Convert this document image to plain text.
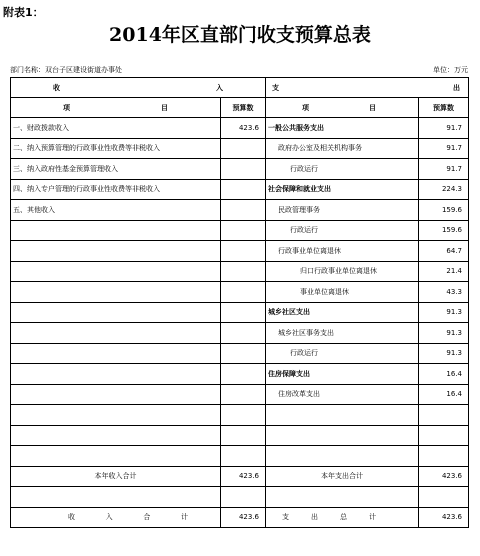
附表1：
2014年区直部门收支预算总表
部门名称：双台子区建设街道办事处	单位：万元
收 入		支 出	

项 目	预算数	项 目	预算数
一、财政拨款收入	423.6	一般公共服务支出	91.7
二、纳入预算管理的行政事业性收费等非税收入		政府办公室及相关机构事务	91.7
三、纳入政府性基金预算管理收入		行政运行	91.7
四、纳入专户管理的行政事业性收费等非税收入		社会保障和就业支出	224.3
五、其他收入		民政管理事务	159.6
		行政运行	159.6
		行政事业单位离退休	64.7
		归口行政事业单位离退休	21.4
		事业单位离退休	43.3
		城乡社区支出	91.3
		城乡社区事务支出	91.3
		行政运行	91.3
		住房保障支出	16.4
		住房改革支出	16.4

本年收入合计	423.6	本年支出合计	423.6

收 入 合 计	423.6	支 出 总 计	423.6
